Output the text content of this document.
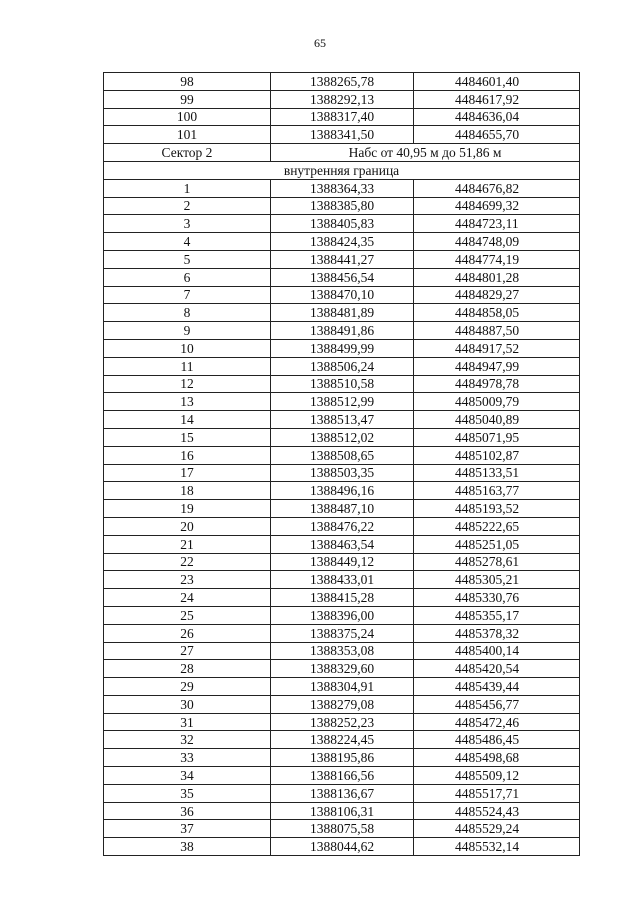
65
98	1388265,78	4484601,40
99	1388292,13	4484617,92
100	1388317,40	4484636,04
101	1388341,50	4484655,70
Сектор 2	Набс от 40,95 м до 51,86 м	
внутренняя граница		
1	1388364,33	4484676,82
2	1388385,80	4484699,32
3	1388405,83	4484723,11
4	1388424,35	4484748,09
5	1388441,27	4484774,19
6	1388456,54	4484801,28
7	1388470,10	4484829,27
8	1388481,89	4484858,05
9	1388491,86	4484887,50
10	1388499,99	4484917,52
11	1388506,24	4484947,99
12	1388510,58	4484978,78
13	1388512,99	4485009,79
14	1388513,47	4485040,89
15	1388512,02	4485071,95
16	1388508,65	4485102,87
17	1388503,35	4485133,51
18	1388496,16	4485163,77
19	1388487,10	4485193,52
20	1388476,22	4485222,65
21	1388463,54	4485251,05
22	1388449,12	4485278,61
23	1388433,01	4485305,21
24	1388415,28	4485330,76
25	1388396,00	4485355,17
26	1388375,24	4485378,32
27	1388353,08	4485400,14
28	1388329,60	4485420,54
29	1388304,91	4485439,44
30	1388279,08	4485456,77
31	1388252,23	4485472,46
32	1388224,45	4485486,45
33	1388195,86	4485498,68
34	1388166,56	4485509,12
35	1388136,67	4485517,71
36	1388106,31	4485524,43
37	1388075,58	4485529,24
38	1388044,62	4485532,14
